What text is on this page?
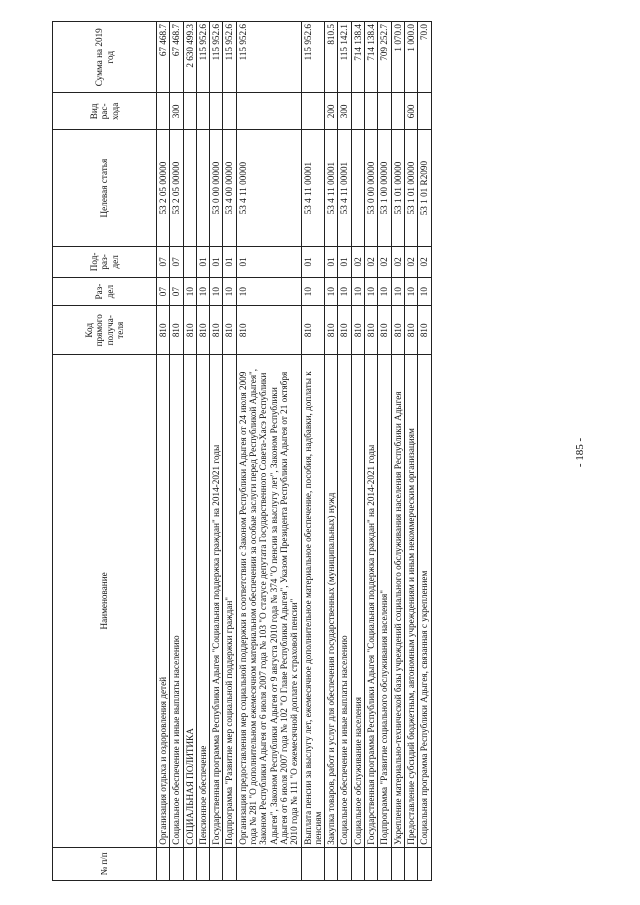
№ п/п	Наименование	Код прямого получа-теля	Раз-дел	Под-раз-дел	Целевая статья	Вид рас-хода	Сумма на 2019 год
	Организация отдыха и оздоровления детей	810	07	07	53 2 05 00000		67 468.7
	Социальное обеспечение и иные выплаты населению	810	07	07	53 2 05 00000	300	67 468.7
	СОЦИАЛЬНАЯ ПОЛИТИКА	810	10				2 630 499.3
	Пенсионное обеспечение	810	10	01			115 952.6
	Государственная программа Республики Адыгея "Социальная поддержка граждан" на 2014-2021 годы	810	10	01	53 0 00 00000		115 952.6
	Подпрограмма "Развитие мер социальной поддержки граждан"	810	10	01	53 4 00 00000		115 952.6
	Организация предоставления мер социальной поддержки в соответствии с Законом Республики Адыгея от 24 июля 2009 года № 281 "О дополнительном ежемесячном материальном обеспечении за особые заслуги перед Республикой Адыгея", Законом Республики Адыгея от 6 июля 2007 года № 103 "О статусе депутата Государственного Совета-Хасэ Республики Адыгея", Законом Республики Адыгея от 9 августа 2010 года № 374 "О пенсии за выслугу лет", Законом Республики Адыгея от 6 июля 2007 года № 102 "О Главе Республики Адыгея", Указом Президента Республики Адыгея от 21 октября 2010 года № 111 "О ежемесячной доплате к страховой пенсии"	810	10	01	53 4 11 00000		115 952.6
	Выплата пенсии за выслугу лет, ежемесячное дополнительное материальное обеспечение, пособия, надбавки, доплаты к пенсиям	810	10	01	53 4 11 00001		115 952.6
	Закупка товаров, работ и услуг для обеспечения государственных (муниципальных) нужд	810	10	01	53 4 11 00001	200	810.5
	Социальное обеспечение и иные выплаты населению	810	10	01	53 4 11 00001	300	115 142.1
	Социальное обслуживание населения	810	10	02			714 138.4
	Государственная программа Республики Адыгея "Социальная поддержка граждан" на 2014-2021 годы	810	10	02	53 0 00 00000		714 138.4
	Подпрограмма "Развитие социального обслуживания населения"	810	10	02	53 1 00 00000		709 252.7
	Укрепление материально-технической базы учреждений социального обслуживания населения Республики Адыгея	810	10	02	53 1 01 00000		1 070.0
	Предоставление субсидий бюджетным, автономным учреждениям и иным некоммерческим организациям	810	10	02	53 1 01 00000	600	1 000.0
	Социальная программа Республики Адыгея, связанная с укреплением	810	10	02	53 1 01 R2090		70.0
- 185 -
